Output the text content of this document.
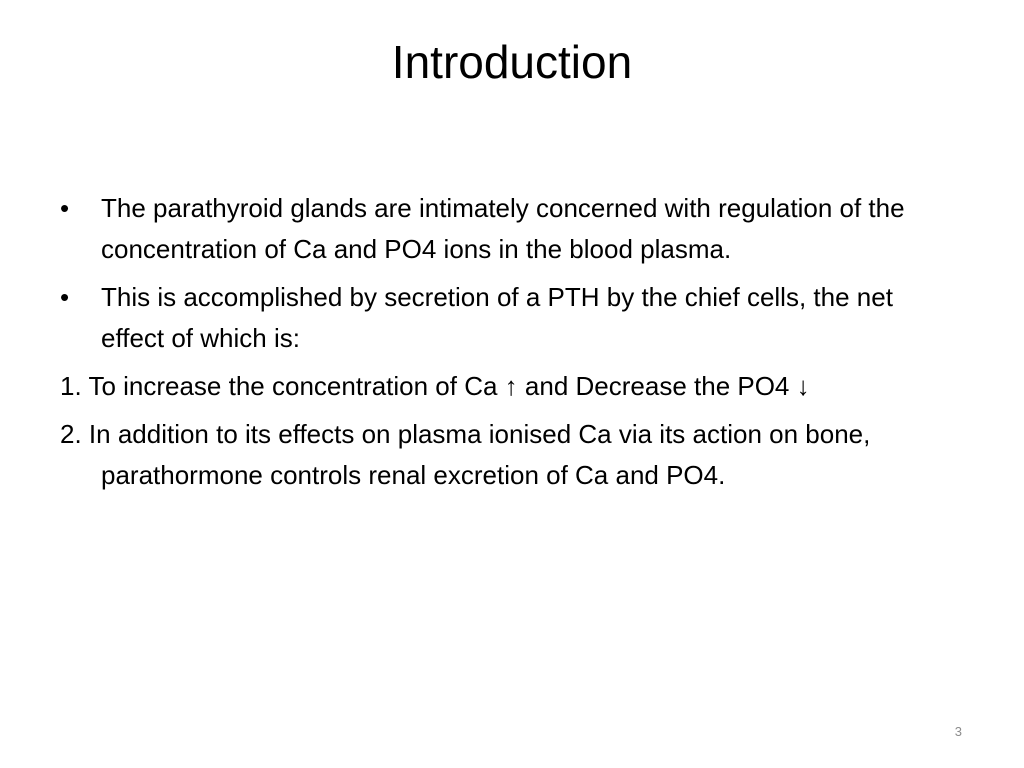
Introduction
•	The parathyroid glands are intimately concerned with regulation of the concentration of Ca and PO4 ions in the blood plasma.
•	This is accomplished by secretion of a PTH by the chief cells, the net effect of which is:
1. To increase the concentration of Ca ↑ and Decrease the PO4 ↓
2. In addition to its effects on plasma ionised Ca via its action on bone, parathormone controls renal excretion of Ca and PO4.
3
